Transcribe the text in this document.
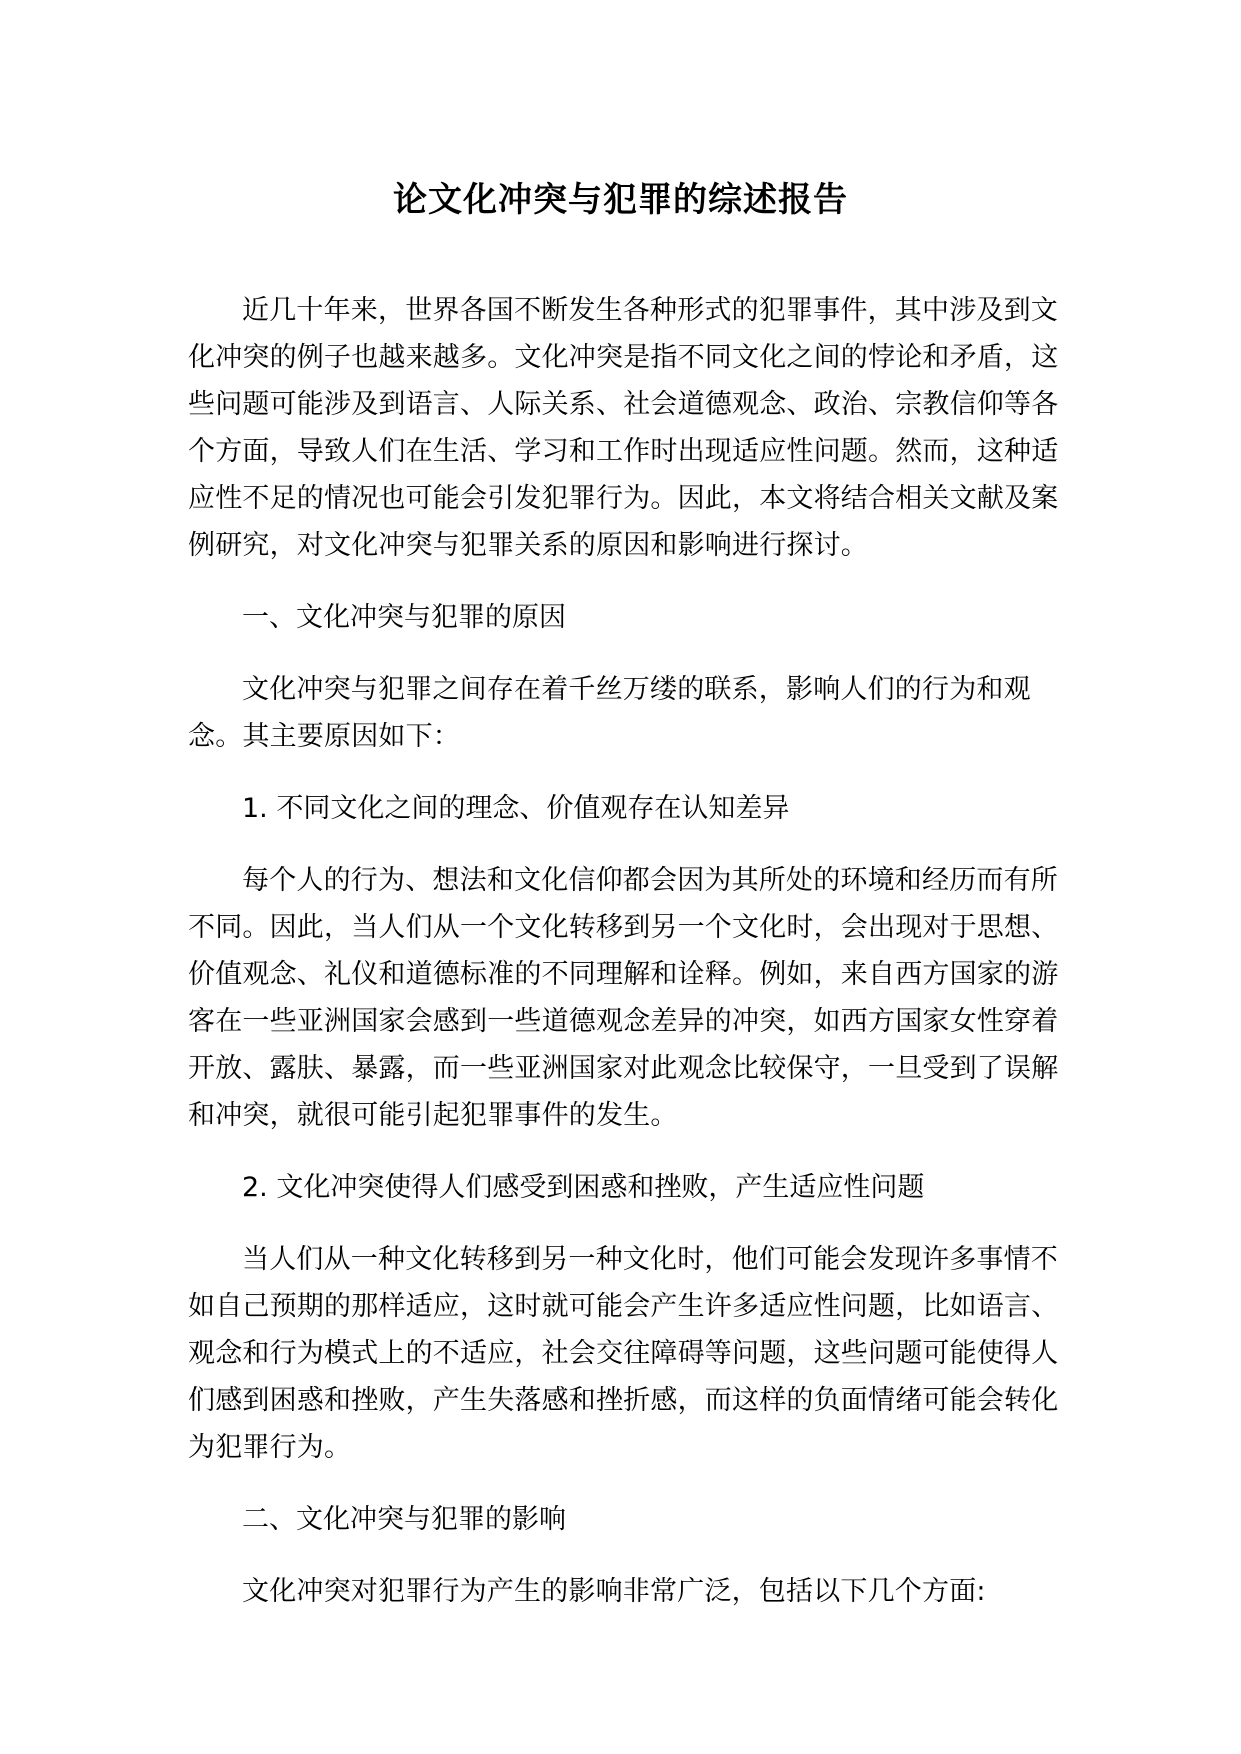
论文化冲突与犯罪的综述报告

近几十年来，世界各国不断发生各种形式的犯罪事件，其中涉及到文化冲突的例子也越来越多。文化冲突是指不同文化之间的悖论和矛盾，这些问题可能涉及到语言、人际关系、社会道德观念、政治、宗教信仰等各个方面，导致人们在生活、学习和工作时出现适应性问题。然而，这种适应性不足的情况也可能会引发犯罪行为。因此，本文将结合相关文献及案例研究，对文化冲突与犯罪关系的原因和影响进行探讨。

一、文化冲突与犯罪的原因

文化冲突与犯罪之间存在着千丝万缕的联系，影响人们的行为和观念。其主要原因如下：

1. 不同文化之间的理念、价值观存在认知差异

每个人的行为、想法和文化信仰都会因为其所处的环境和经历而有所不同。因此，当人们从一个文化转移到另一个文化时，会出现对于思想、价值观念、礼仪和道德标准的不同理解和诠释。例如，来自西方国家的游客在一些亚洲国家会感到一些道德观念差异的冲突，如西方国家女性穿着开放、露肤、暴露，而一些亚洲国家对此观念比较保守，一旦受到了误解和冲突，就很可能引起犯罪事件的发生。

2. 文化冲突使得人们感受到困惑和挫败，产生适应性问题

当人们从一种文化转移到另一种文化时，他们可能会发现许多事情不如自己预期的那样适应，这时就可能会产生许多适应性问题，比如语言、观念和行为模式上的不适应，社会交往障碍等问题，这些问题可能使得人们感到困惑和挫败，产生失落感和挫折感，而这样的负面情绪可能会转化为犯罪行为。

二、文化冲突与犯罪的影响

文化冲突对犯罪行为产生的影响非常广泛，包括以下几个方面:
